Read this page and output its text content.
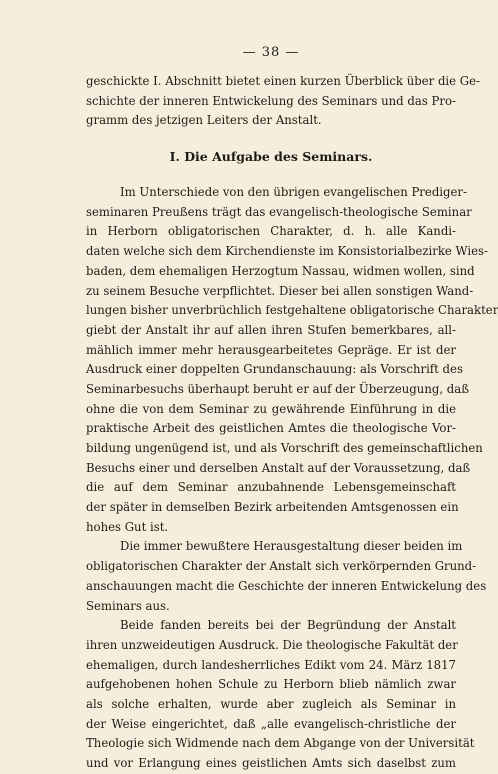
— 38 —
geschickte I. Abschnitt bietet einen kurzen Überblick über die Ge-
schichte der inneren Entwickelung des Seminars und das Pro-
gramm des jetzigen Leiters der Anstalt.
I. Die Aufgabe des Seminars.
Im Unterschiede von den übrigen evangelischen Prediger-
seminaren Preußens trägt das evangelisch-theologische Seminar
in Herborn obligatorischen Charakter, d. h. alle Kandi-
daten welche sich dem Kirchendienste im Konsistorialbezirke Wies-
baden, dem ehemaligen Herzogtum Nassau, widmen wollen, sind
zu seinem Besuche verpflichtet. Dieser bei allen sonstigen Wand-
lungen bisher unverbrüchlich festgehaltene obligatorische Charakter
giebt der Anstalt ihr auf allen ihren Stufen bemerkbares, all-
mählich immer mehr herausgearbeitetes Gepräge. Er ist der
Ausdruck einer doppelten Grundanschauung: als Vorschrift des
Seminarbesuchs überhaupt beruht er auf der Überzeugung, daß
ohne die von dem Seminar zu gewährende Einführung in die
praktische Arbeit des geistlichen Amtes die theologische Vor-
bildung ungenügend ist, und als Vorschrift des gemeinschaftlichen
Besuchs einer und derselben Anstalt auf der Voraussetzung, daß
die auf dem Seminar anzubahnende Lebensgemeinschaft
der später in demselben Bezirk arbeitenden Amtsgenossen ein
hohes Gut ist.
Die immer bewußtere Herausgestaltung dieser beiden im
obligatorischen Charakter der Anstalt sich verkörpernden Grund-
anschauungen macht die Geschichte der inneren Entwickelung des
Seminars aus.
Beide fanden bereits bei der Begründung der Anstalt
ihren unzweideutigen Ausdruck. Die theologische Fakultät der
ehemaligen, durch landesherrliches Edikt vom 24. März 1817
aufgehobenen hohen Schule zu Herborn blieb nämlich zwar
als solche erhalten, wurde aber zugleich als Seminar in
der Weise eingerichtet, daß „alle evangelisch-christliche der
Theologie sich Widmende nach dem Abgange von der Universität
und vor Erlangung eines geistlichen Amts sich daselbst zum
